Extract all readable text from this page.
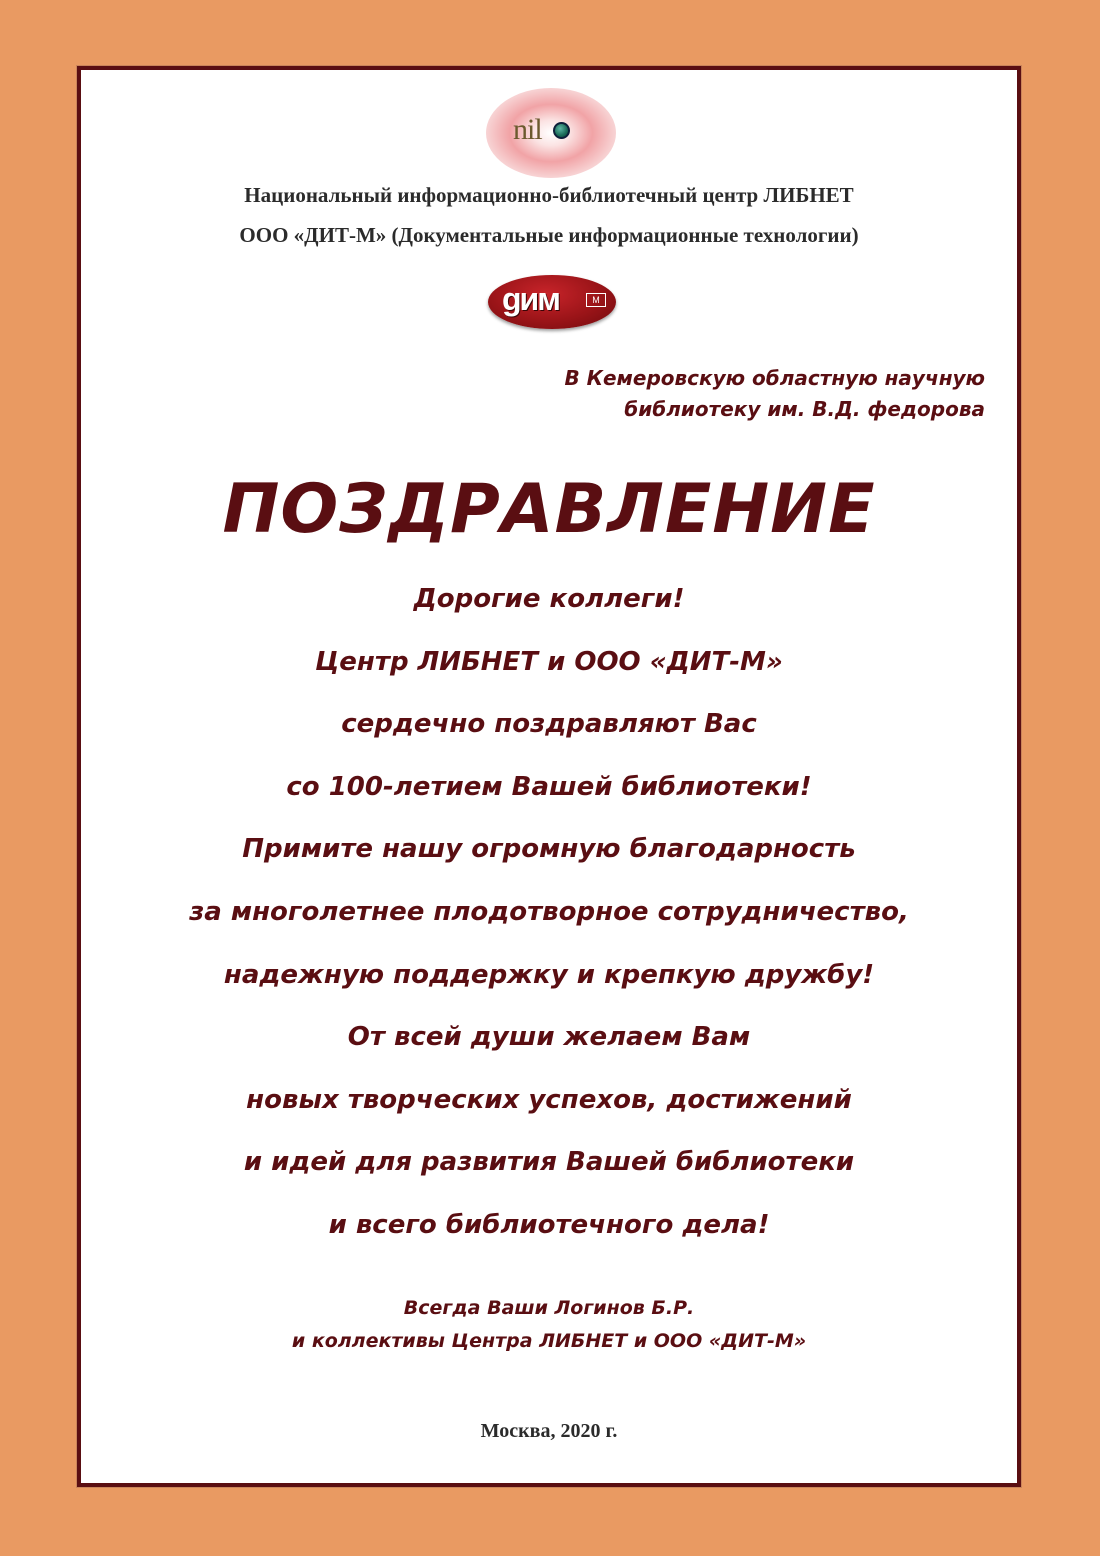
nil
Национальный информационно-библиотечный центр ЛИБНЕТ
ООО «ДИТ-М» (Документальные информационные технологии)
gим	М
В Кемеровскую областную научную
библиотеку им. В.Д. федорова
ПОЗДРАВЛЕНИЕ
Дорогие коллеги!
Центр ЛИБНЕТ и ООО «ДИТ-М»
сердечно поздравляют Вас
со 100-летием Вашей библиотеки!
Примите нашу огромную благодарность
за многолетнее плодотворное сотрудничество,
надежную поддержку и крепкую дружбу!
От всей души желаем Вам
новых творческих успехов, достижений
и идей для развития Вашей библиотеки
и всего библиотечного дела!
Всегда Ваши Логинов Б.Р.
и коллективы Центра ЛИБНЕТ и ООО «ДИТ-М»
Москва, 2020 г.
